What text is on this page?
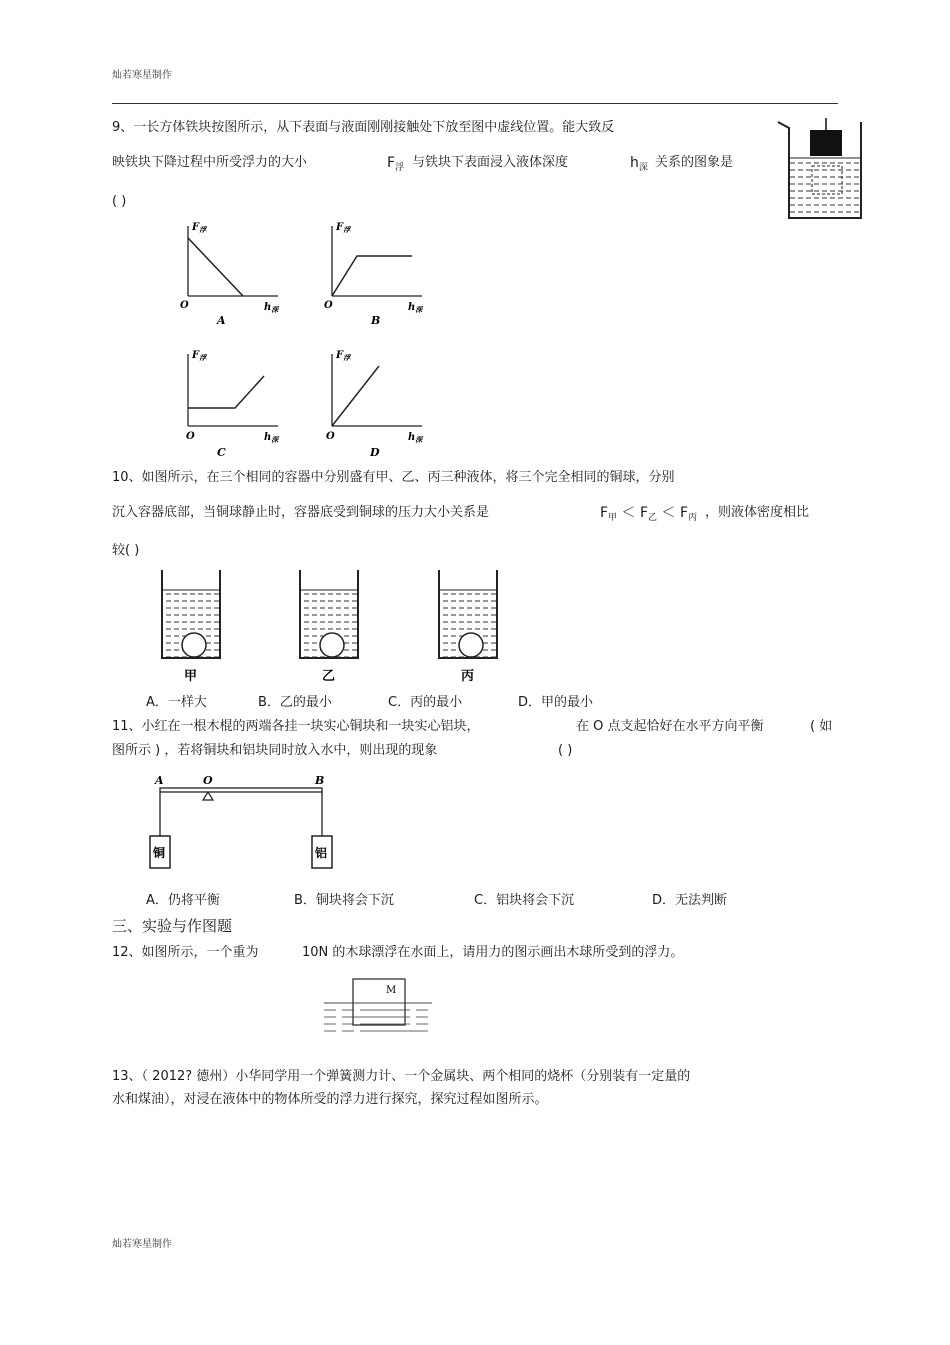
灿若寒星制作
9、一长方体铁块按图所示，从下表面与液面刚刚接触处下放至图中虚线位置。能大致反
映铁块下降过程中所受浮力的大小	$F_浮$ 与铁块下表面浸入液体深度	$h_深$ 关系的图象是
( )
$F_浮$
O	$h_深$
A
$F_浮$
O	$h_深$
B
$F_浮$
O	$h_深$
C
$F_浮$
O	$h_深$
D
10、如图所示，在三个相同的容器中分别盛有甲、乙、丙三种液体，将三个完全相同的铜球，分别
沉入容器底部，当铜球静止时，容器底受到铜球的压力大小关系是	$F_甲 < F_乙 < F_丙$ ，则液体密度相比
较( )
甲	乙	丙
A．一样大	B．乙的最小	C．丙的最小	D．甲的最小
11、小红在一根木棍的两端各挂一块实心铜块和一块实心铝块，	在 O 点支起恰好在水平方向平衡	( 如
图所示 ) ，若将铜块和铝块同时放入水中，则出现的现象	( )
A	O	B
铜	铝
A．仍将平衡	B．铜块将会下沉	C．铝块将会下沉	D．无法判断
三、实验与作图题
12、如图所示，一个重为	10N 的木球漂浮在水面上，请用力的图示画出木球所受到的浮力。
M
13、（ 2012? 德州）小华同学用一个弹簧测力计、一个金属块、两个相同的烧杯（分别装有一定量的
水和煤油），对浸在液体中的物体所受的浮力进行探究，探究过程如图所示。
灿若寒星制作
